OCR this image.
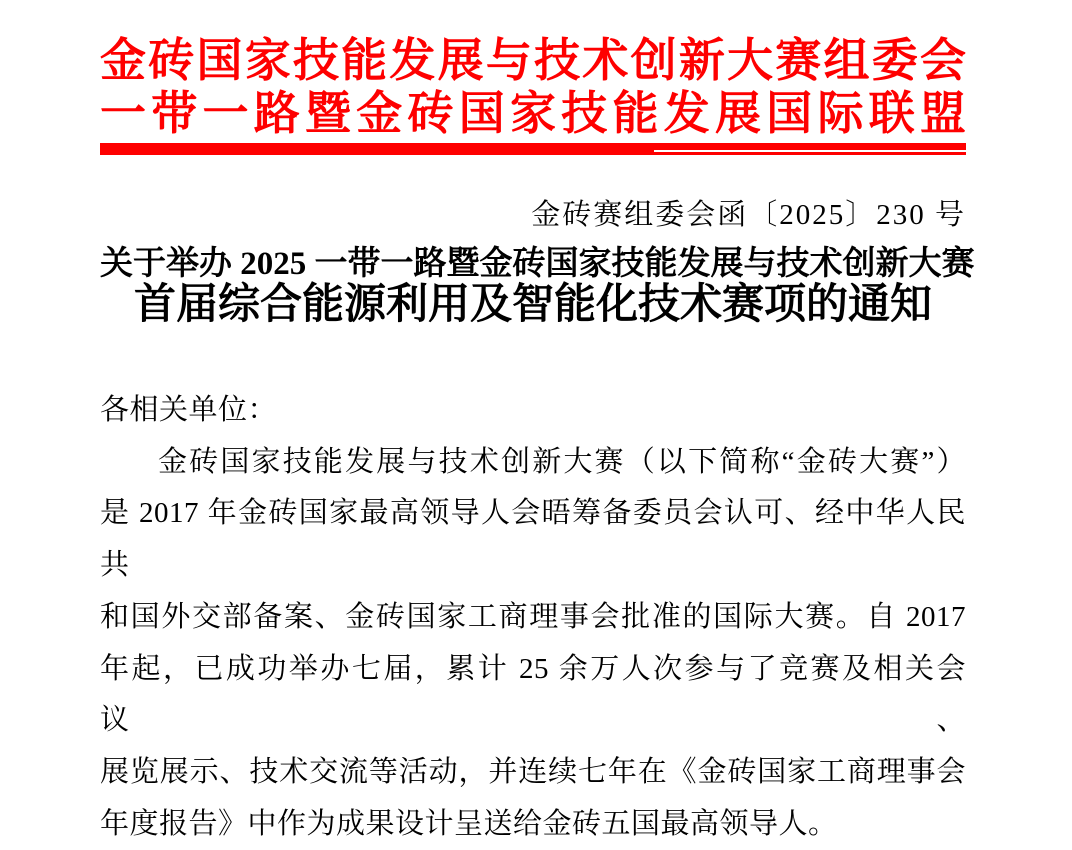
金砖国家技能发展与技术创新大赛组委会
一带一路暨金砖国家技能发展国际联盟
金砖赛组委会函〔2025〕230 号
关于举办 2025 一带一路暨金砖国家技能发展与技术创新大赛
首届综合能源利用及智能化技术赛项的通知
各相关单位：
金砖国家技能发展与技术创新大赛（以下简称“金砖大赛”）
是 2017 年金砖国家最高领导人会晤筹备委员会认可、经中华人民共
和国外交部备案、金砖国家工商理事会批准的国际大赛。自 2017
年起，已成功举办七届，累计 25 余万人次参与了竞赛及相关会议、
展览展示、技术交流等活动，并连续七年在《金砖国家工商理事会
年度报告》中作为成果设计呈送给金砖五国最高领导人。
